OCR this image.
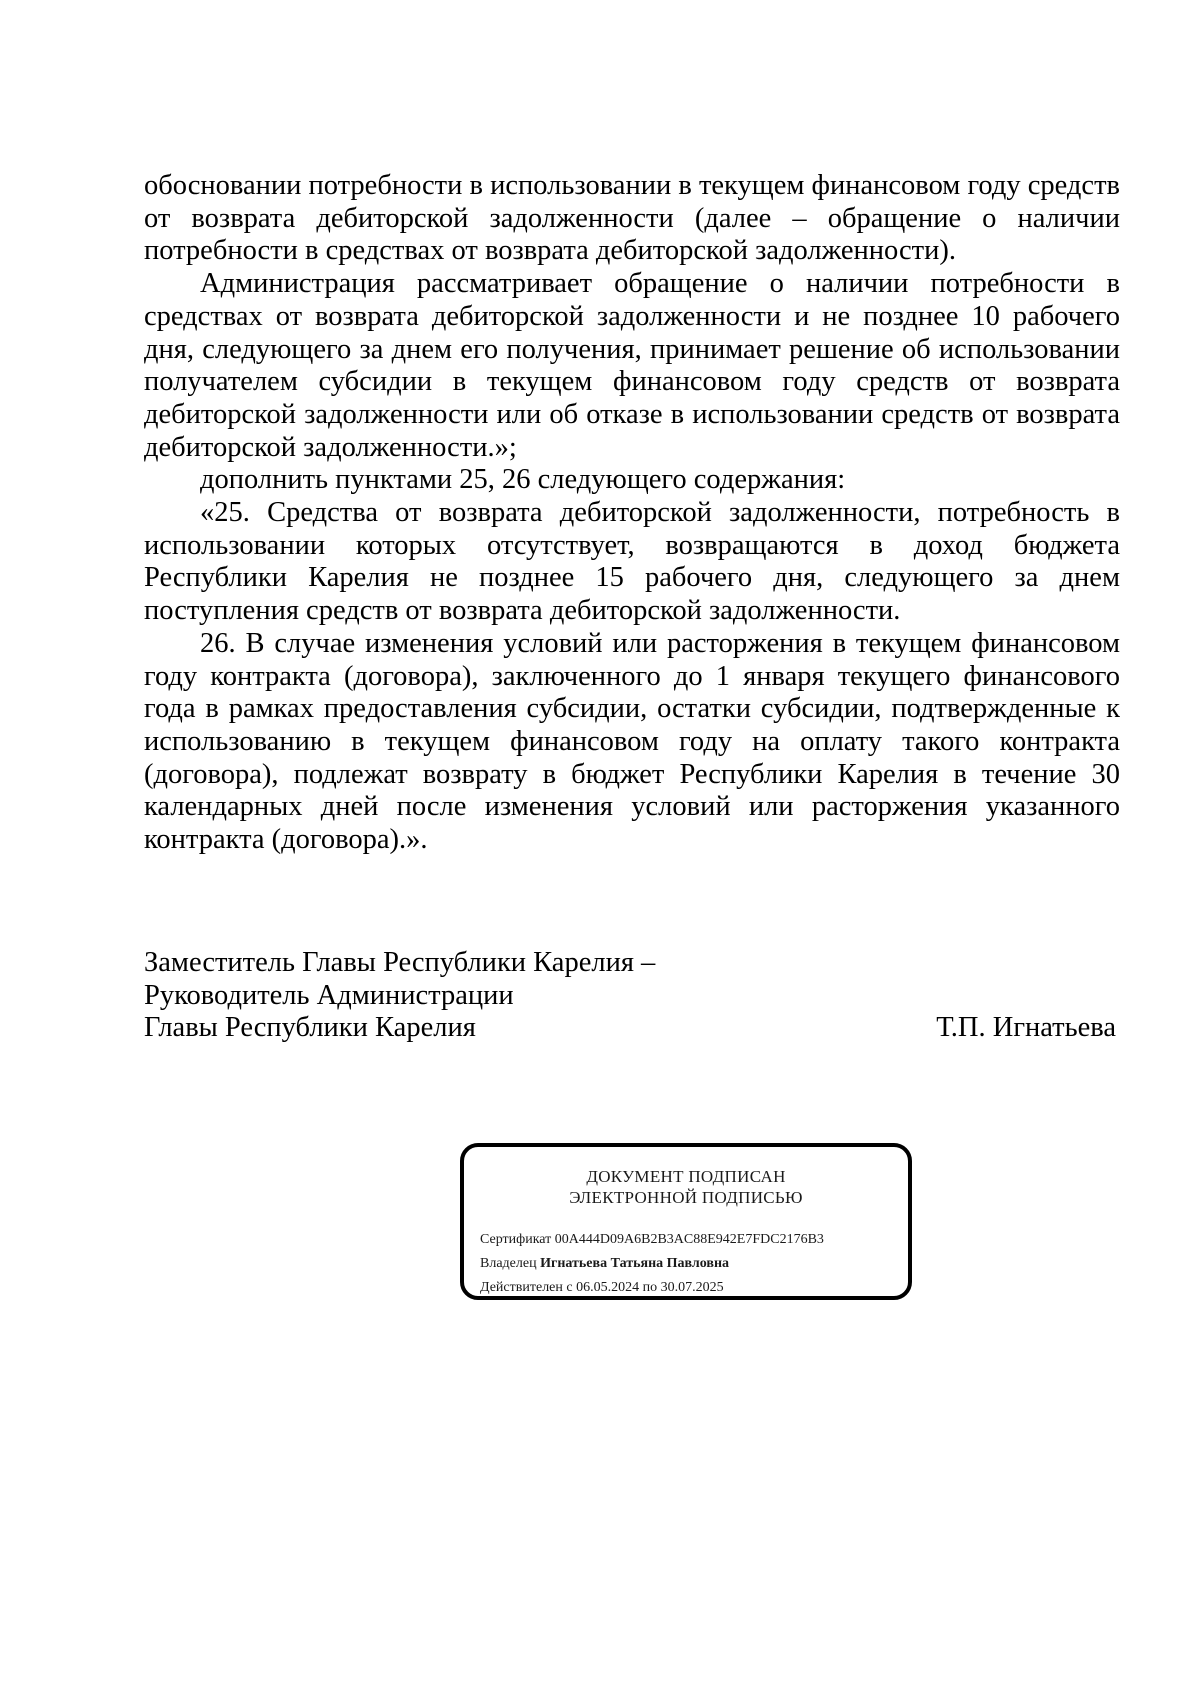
обосновании потребности в использовании в текущем финансовом году средств от возврата дебиторской задолженности (далее – обращение о наличии потребности в средствах от возврата дебиторской задолженности).

Администрация рассматривает обращение о наличии потребности в средствах от возврата дебиторской задолженности и не позднее 10 рабочего дня, следующего за днем его получения, принимает решение об использовании получателем субсидии в текущем финансовом году средств от возврата дебиторской задолженности или об отказе в использовании средств от возврата дебиторской задолженности.»;

дополнить пунктами 25, 26 следующего содержания:

«25. Средства от возврата дебиторской задолженности, потребность в использовании которых отсутствует, возвращаются в доход бюджета Республики Карелия не позднее 15 рабочего дня, следующего за днем поступления средств от возврата дебиторской задолженности.

26. В случае изменения условий или расторжения в текущем финансовом году контракта (договора), заключенного до 1 января текущего финансового года в рамках предоставления субсидии, остатки субсидии, подтвержденные к использованию в текущем финансовом году на оплату такого контракта (договора), подлежат возврату в бюджет Республики Карелия в течение 30 календарных дней после изменения условий или расторжения указанного контракта (договора).».

Заместитель Главы Республики Карелия –
Руководитель Администрации
Главы Республики Карелия	Т.П. Игнатьева
ДОКУМЕНТ ПОДПИСАН
ЭЛЕКТРОННОЙ ПОДПИСЬЮ
Сертификат 00A444D09A6B2B3AC88E942E7FDC2176B3
Владелец Игнатьева Татьяна Павловна
Действителен с 06.05.2024 по 30.07.2025
